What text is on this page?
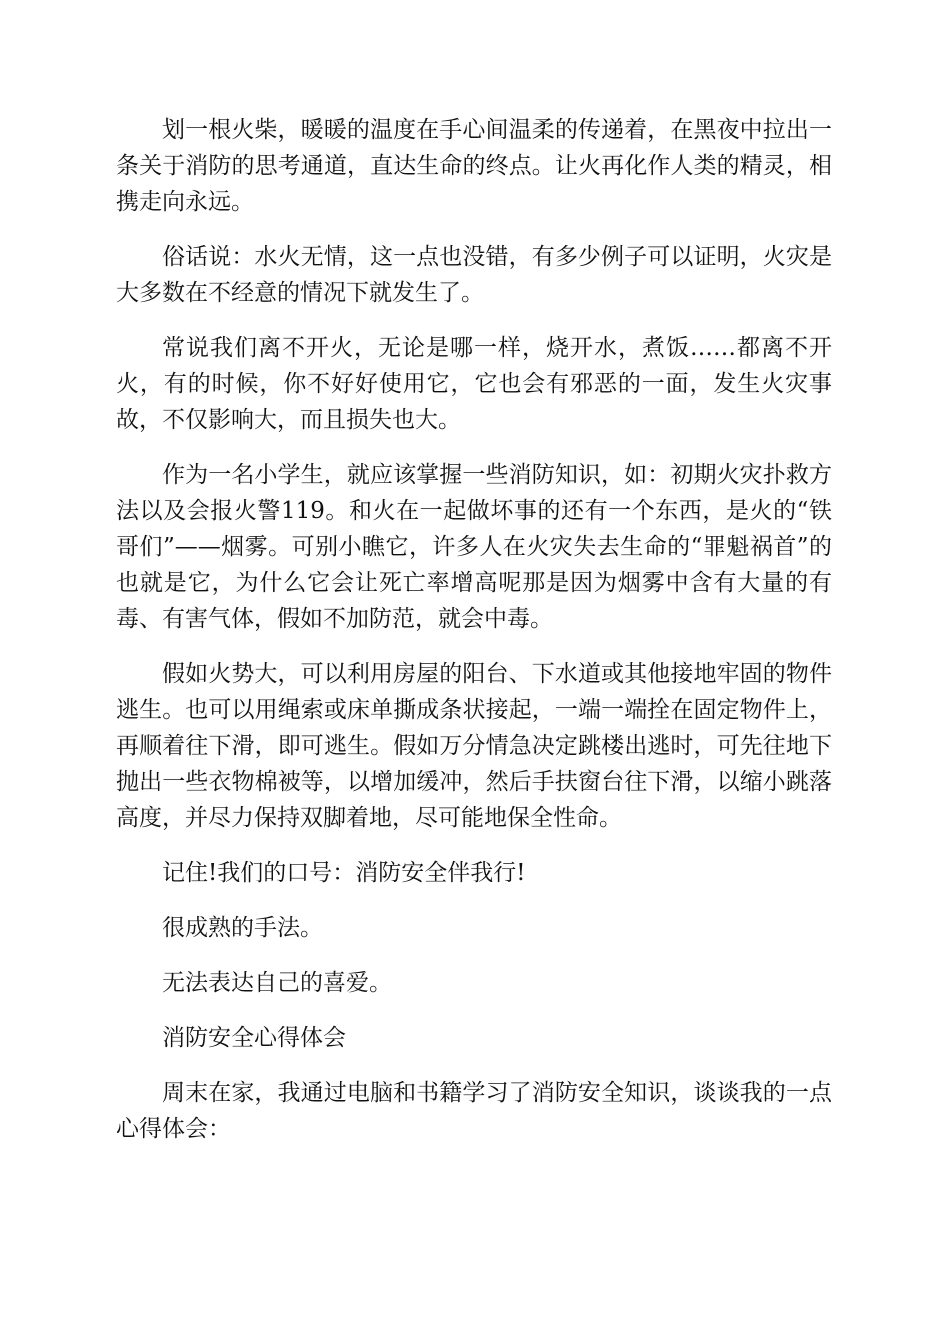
划一根火柴，暖暖的温度在手心间温柔的传递着，在黑夜中拉出一条关于消防的思考通道，直达生命的终点。让火再化作人类的精灵，相携走向永远。

俗话说：水火无情，这一点也没错，有多少例子可以证明，火灾是大多数在不经意的情况下就发生了。

常说我们离不开火，无论是哪一样，烧开水，煮饭……都离不开火，有的时候，你不好好使用它，它也会有邪恶的一面，发生火灾事故，不仅影响大，而且损失也大。

作为一名小学生，就应该掌握一些消防知识，如：初期火灾扑救方法以及会报火警119。和火在一起做坏事的还有一个东西，是火的“铁哥们”——烟雾。可别小瞧它，许多人在火灾失去生命的“罪魁祸首”的也就是它，为什么它会让死亡率增高呢那是因为烟雾中含有大量的有毒、有害气体，假如不加防范，就会中毒。

假如火势大，可以利用房屋的阳台、下水道或其他接地牢固的物件逃生。也可以用绳索或床单撕成条状接起，一端一端拴在固定物件上，再顺着往下滑，即可逃生。假如万分情急决定跳楼出逃时，可先往地下抛出一些衣物棉被等，以增加缓冲，然后手扶窗台往下滑，以缩小跳落高度，并尽力保持双脚着地，尽可能地保全性命。

记住!我们的口号：消防安全伴我行!

很成熟的手法。

无法表达自己的喜爱。

消防安全心得体会

周末在家，我通过电脑和书籍学习了消防安全知识，谈谈我的一点心得体会：
